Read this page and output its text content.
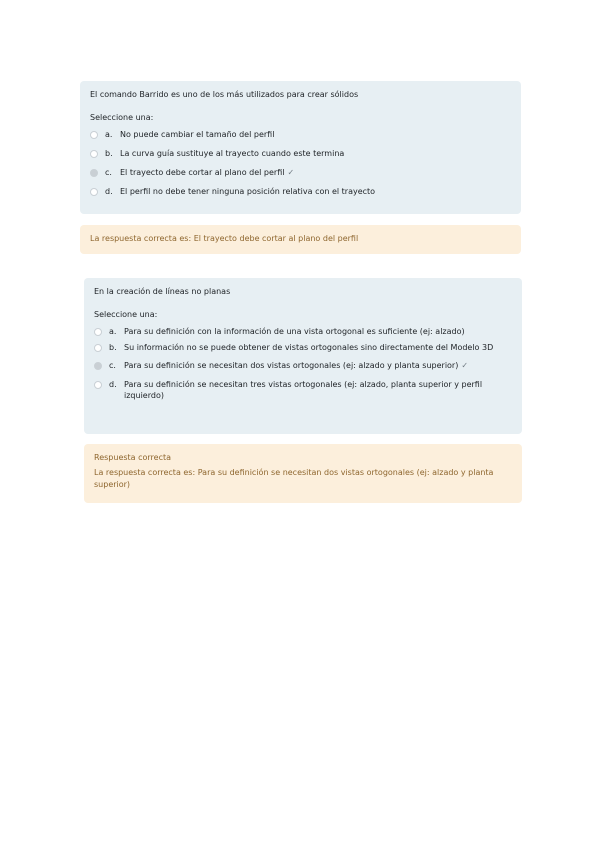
El comando Barrido es uno de los más utilizados para crear sólidos

Seleccione una:

a. No puede cambiar el tamaño del perfil
b. La curva guía sustituye al trayecto cuando este termina
c.	El trayecto debe cortar al plano del perfil ✓
d. El perfil no debe tener ninguna posición relativa con el trayecto
La respuesta correcta es: El trayecto debe cortar al plano del perfil

En la creación de líneas no planas

Seleccione una:

a. Para su definición con la información de una vista ortogonal es suficiente (ej: alzado)
b. Su información no se puede obtener de vistas ortogonales sino directamente del Modelo 3D
c.	Para su definición se necesitan dos vistas ortogonales (ej: alzado y planta superior) ✓
d. Para su definición se necesitan tres vistas ortogonales (ej: alzado, planta superior y perfil izquierdo)
Respuesta correcta
La respuesta correcta es: Para su definición se necesitan dos vistas ortogonales (ej: alzado y planta superior)
